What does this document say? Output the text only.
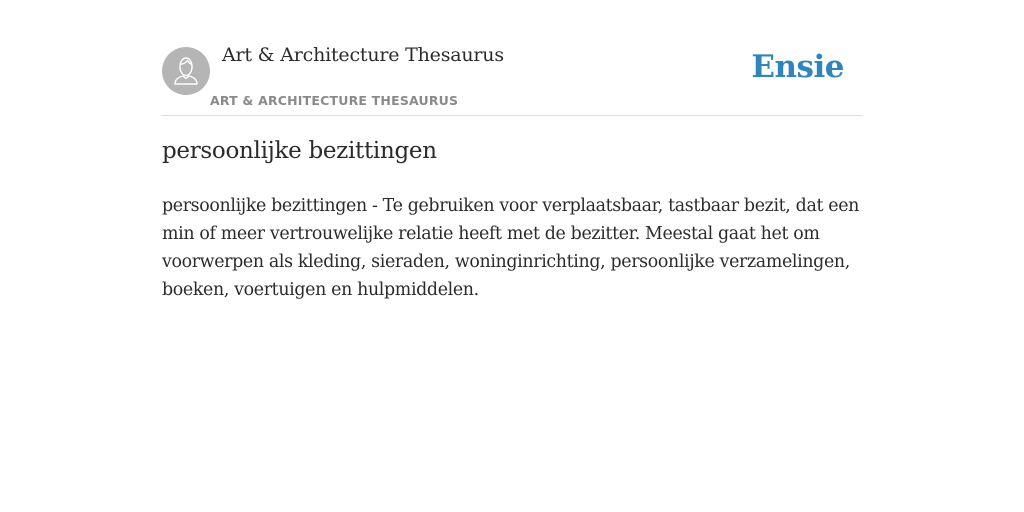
Art & Architecture Thesaurus
ART & ARCHITECTURE THESAURUS
Ensie
persoonlijke bezittingen

persoonlijke bezittingen - Te gebruiken voor verplaatsbaar, tastbaar bezit, dat een min of meer vertrouwelijke relatie heeft met de bezitter. Meestal gaat het om voorwerpen als kleding, sieraden, woninginrichting, persoonlijke verzamelingen, boeken, voertuigen en hulpmiddelen.
